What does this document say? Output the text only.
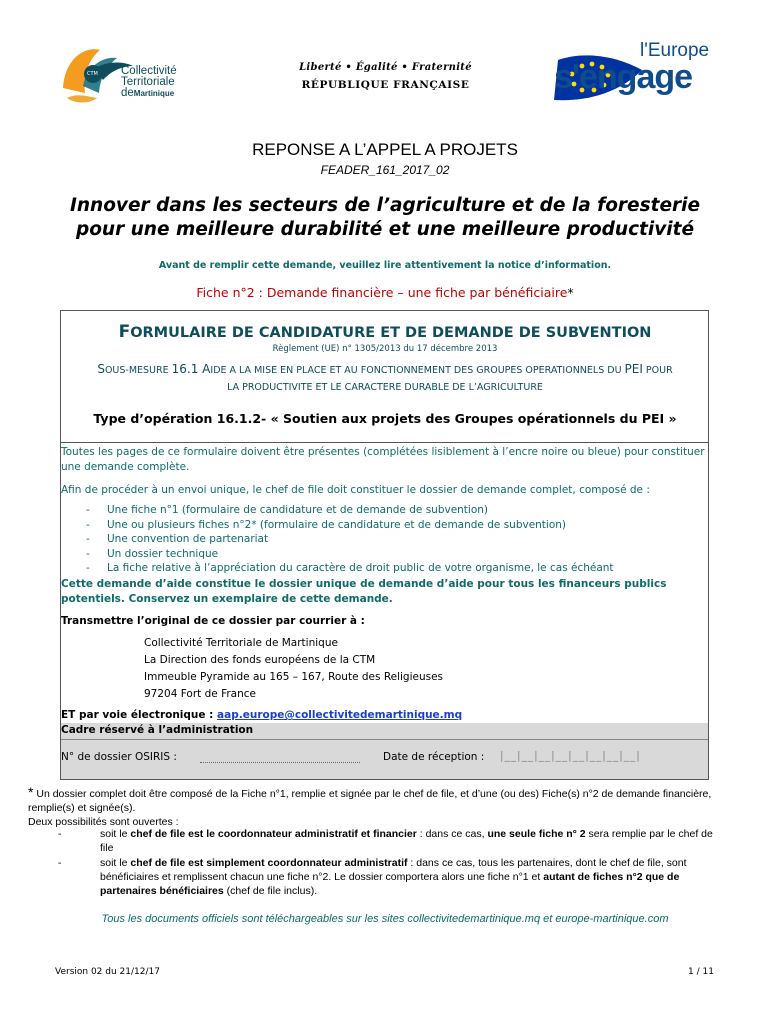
CTM Collectivité
Territoriale
deMartinique
Liberté • Égalité • Fraternité
RÉPUBLIQUE FRANÇAISE
l'Europe
s'engage
REPONSE A L’APPEL A PROJETS
FEADER_161_2017_02
Innover dans les secteurs de l’agriculture et de la foresterie
pour une meilleure durabilité et une meilleure productivité
Avant de remplir cette demande, veuillez lire attentivement la notice d’information.
Fiche n°2 : Demande financière – une fiche par bénéficiaire*
FORMULAIRE DE CANDIDATURE ET DE DEMANDE DE SUBVENTION
Règlement (UE) n° 1305/2013 du 17 décembre 2013
SOUS-MESURE 16.1 AIDE A LA MISE EN PLACE ET AU FONCTIONNEMENT DES GROUPES OPERATIONNELS DU PEI POUR
LA PRODUCTIVITE ET LE CARACTERE DURABLE DE L’AGRICULTURE
Type d’opération 16.1.2- « Soutien aux projets des Groupes opérationnels du PEI »
Toutes les pages de ce formulaire doivent être présentes (complétées lisiblement à l’encre noire ou bleue) pour constituer une demande complète.
Afin de procéder à un envoi unique, le chef de file doit constituer le dossier de demande complet, composé de :
- Une fiche n°1 (formulaire de candidature et de demande de subvention)
- Une ou plusieurs fiches n°2* (formulaire de candidature et de demande de subvention)
- Une convention de partenariat
- Un dossier technique
- La fiche relative à l’appréciation du caractère de droit public de votre organisme, le cas échéant
Cette demande d’aide constitue le dossier unique de demande d’aide pour tous les financeurs publics potentiels. Conservez un exemplaire de cette demande.
Transmettre l’original de ce dossier par courrier à :
Collectivité Territoriale de Martinique
La Direction des fonds européens de la CTM
Immeuble Pyramide au 165 – 167, Route des Religieuses
97204 Fort de France
ET par voie électronique : aap.europe@collectivitedemartinique.mq
Cadre réservé à l’administration
N° de dossier OSIRIS :	Date de réception : |__|__|__|__|__|__|__|__|
* Un dossier complet doit être composé de la Fiche n°1, remplie et signée par le chef de file, et d’une (ou des) Fiche(s) n°2 de demande financière, remplie(s) et signée(s).
Deux possibilités sont ouvertes :
-	soit le chef de file est le coordonnateur administratif et financier : dans ce cas, une seule fiche n° 2 sera remplie par le chef de file
-	soit le chef de file est simplement coordonnateur administratif : dans ce cas, tous les partenaires, dont le chef de file, sont bénéficiaires et remplissent chacun une fiche n°2. Le dossier comportera alors une fiche n°1 et autant de fiches n°2 que de partenaires bénéficiaires (chef de file inclus).
Tous les documents officiels sont téléchargeables sur les sites collectivitedemartinique.mq et europe-martinique.com
Version 02 du 21/12/17	1 / 11
